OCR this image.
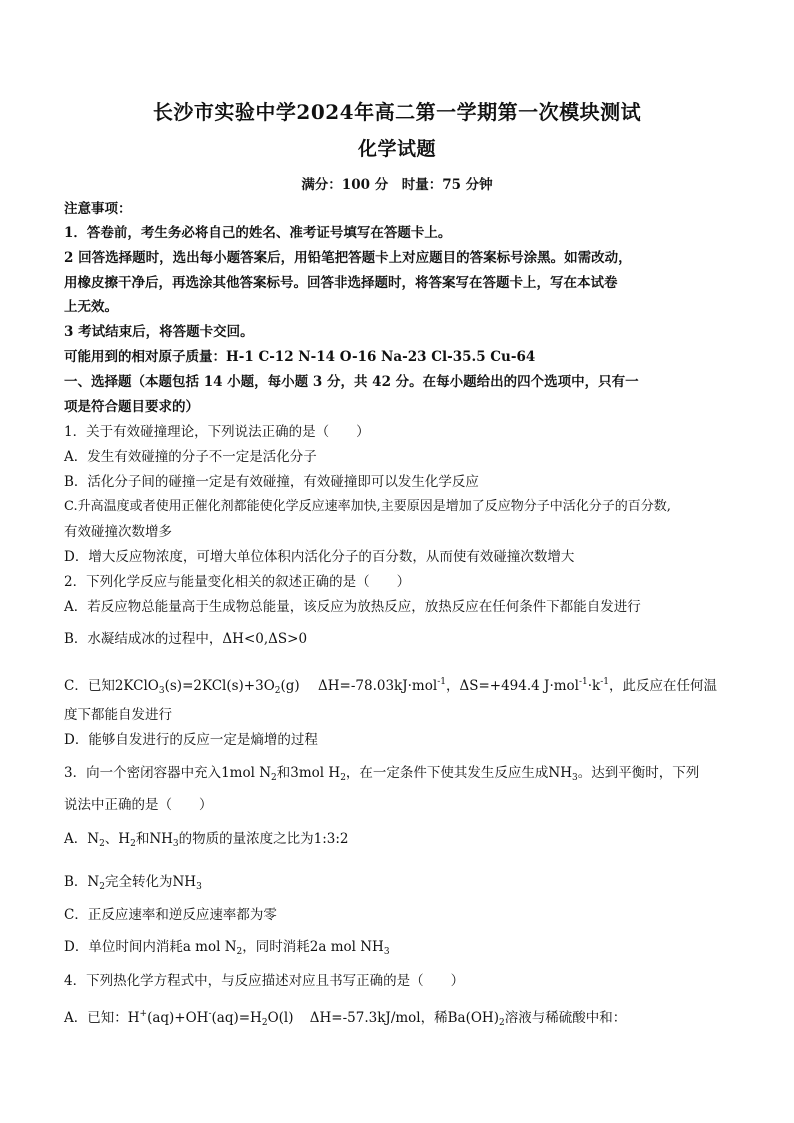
长沙市实验中学2024年高二第一学期第一次模块测试
化学试题
满分：100 分　时量：75 分钟
注意事项：
1．答卷前，考生务必将自己的姓名、准考证号填写在答题卡上。
2 回答选择题时，选出每小题答案后，用铅笔把答题卡上对应题目的答案标号涂黑。如需改动，
用橡皮擦干净后，再选涂其他答案标号。回答非选择题时，将答案写在答题卡上，写在本试卷
上无效。
3 考试结束后，将答题卡交回。
可能用到的相对原子质量：H-1 C-12 N-14 O-16 Na-23 Cl-35.5 Cu-64
一、选择题（本题包括 14 小题，每小题 3 分，共 42 分。在每小题给出的四个选项中，只有一
项是符合题目要求的）
1．关于有效碰撞理论，下列说法正确的是（　　）
A．发生有效碰撞的分子不一定是活化分子
B．活化分子间的碰撞一定是有效碰撞，有效碰撞即可以发生化学反应
C.升高温度或者使用正催化剂都能使化学反应速率加快,主要原因是增加了反应物分子中活化分子的百分数,
有效碰撞次数增多
D．增大反应物浓度，可增大单位体积内活化分子的百分数，从而使有效碰撞次数增大
2．下列化学反应与能量变化相关的叙述正确的是（　　）
A．若反应物总能量高于生成物总能量，该反应为放热反应，放热反应在任何条件下都能自发进行
B．水凝结成冰的过程中，ΔH<0,ΔS>0
C．已知$2KClO_3(s)=2KCl(s)+3O_2(g)$ ΔH=-78.03kJ·mol$^{-1}$，ΔS=+494.4 $J\cdot mol^{-1}\cdot k^{-1}$，此反应在任何温
度下都能自发进行
D．能够自发进行的反应一定是熵增的过程
3．向一个密闭容器中充入1mol $N_2$和3mol $H_2$，在一定条件下使其发生反应生成$NH_3$。达到平衡时，下列
说法中正确的是（　　）
A．$N_2$、$H_2$和$NH_3$的物质的量浓度之比为1:3:2
B．$N_2$完全转化为$NH_3$
C．正反应速率和逆反应速率都为零
D．单位时间内消耗a mol $N_2$，同时消耗2a mol $NH_3$
4．下列热化学方程式中，与反应描述对应且书写正确的是（　　）
A．已知：$H^+(aq)+OH^-(aq)=H_2O(l)$ ΔH=-57.3kJ/mol，稀$Ba(OH)_2$溶液与稀硫酸中和：
